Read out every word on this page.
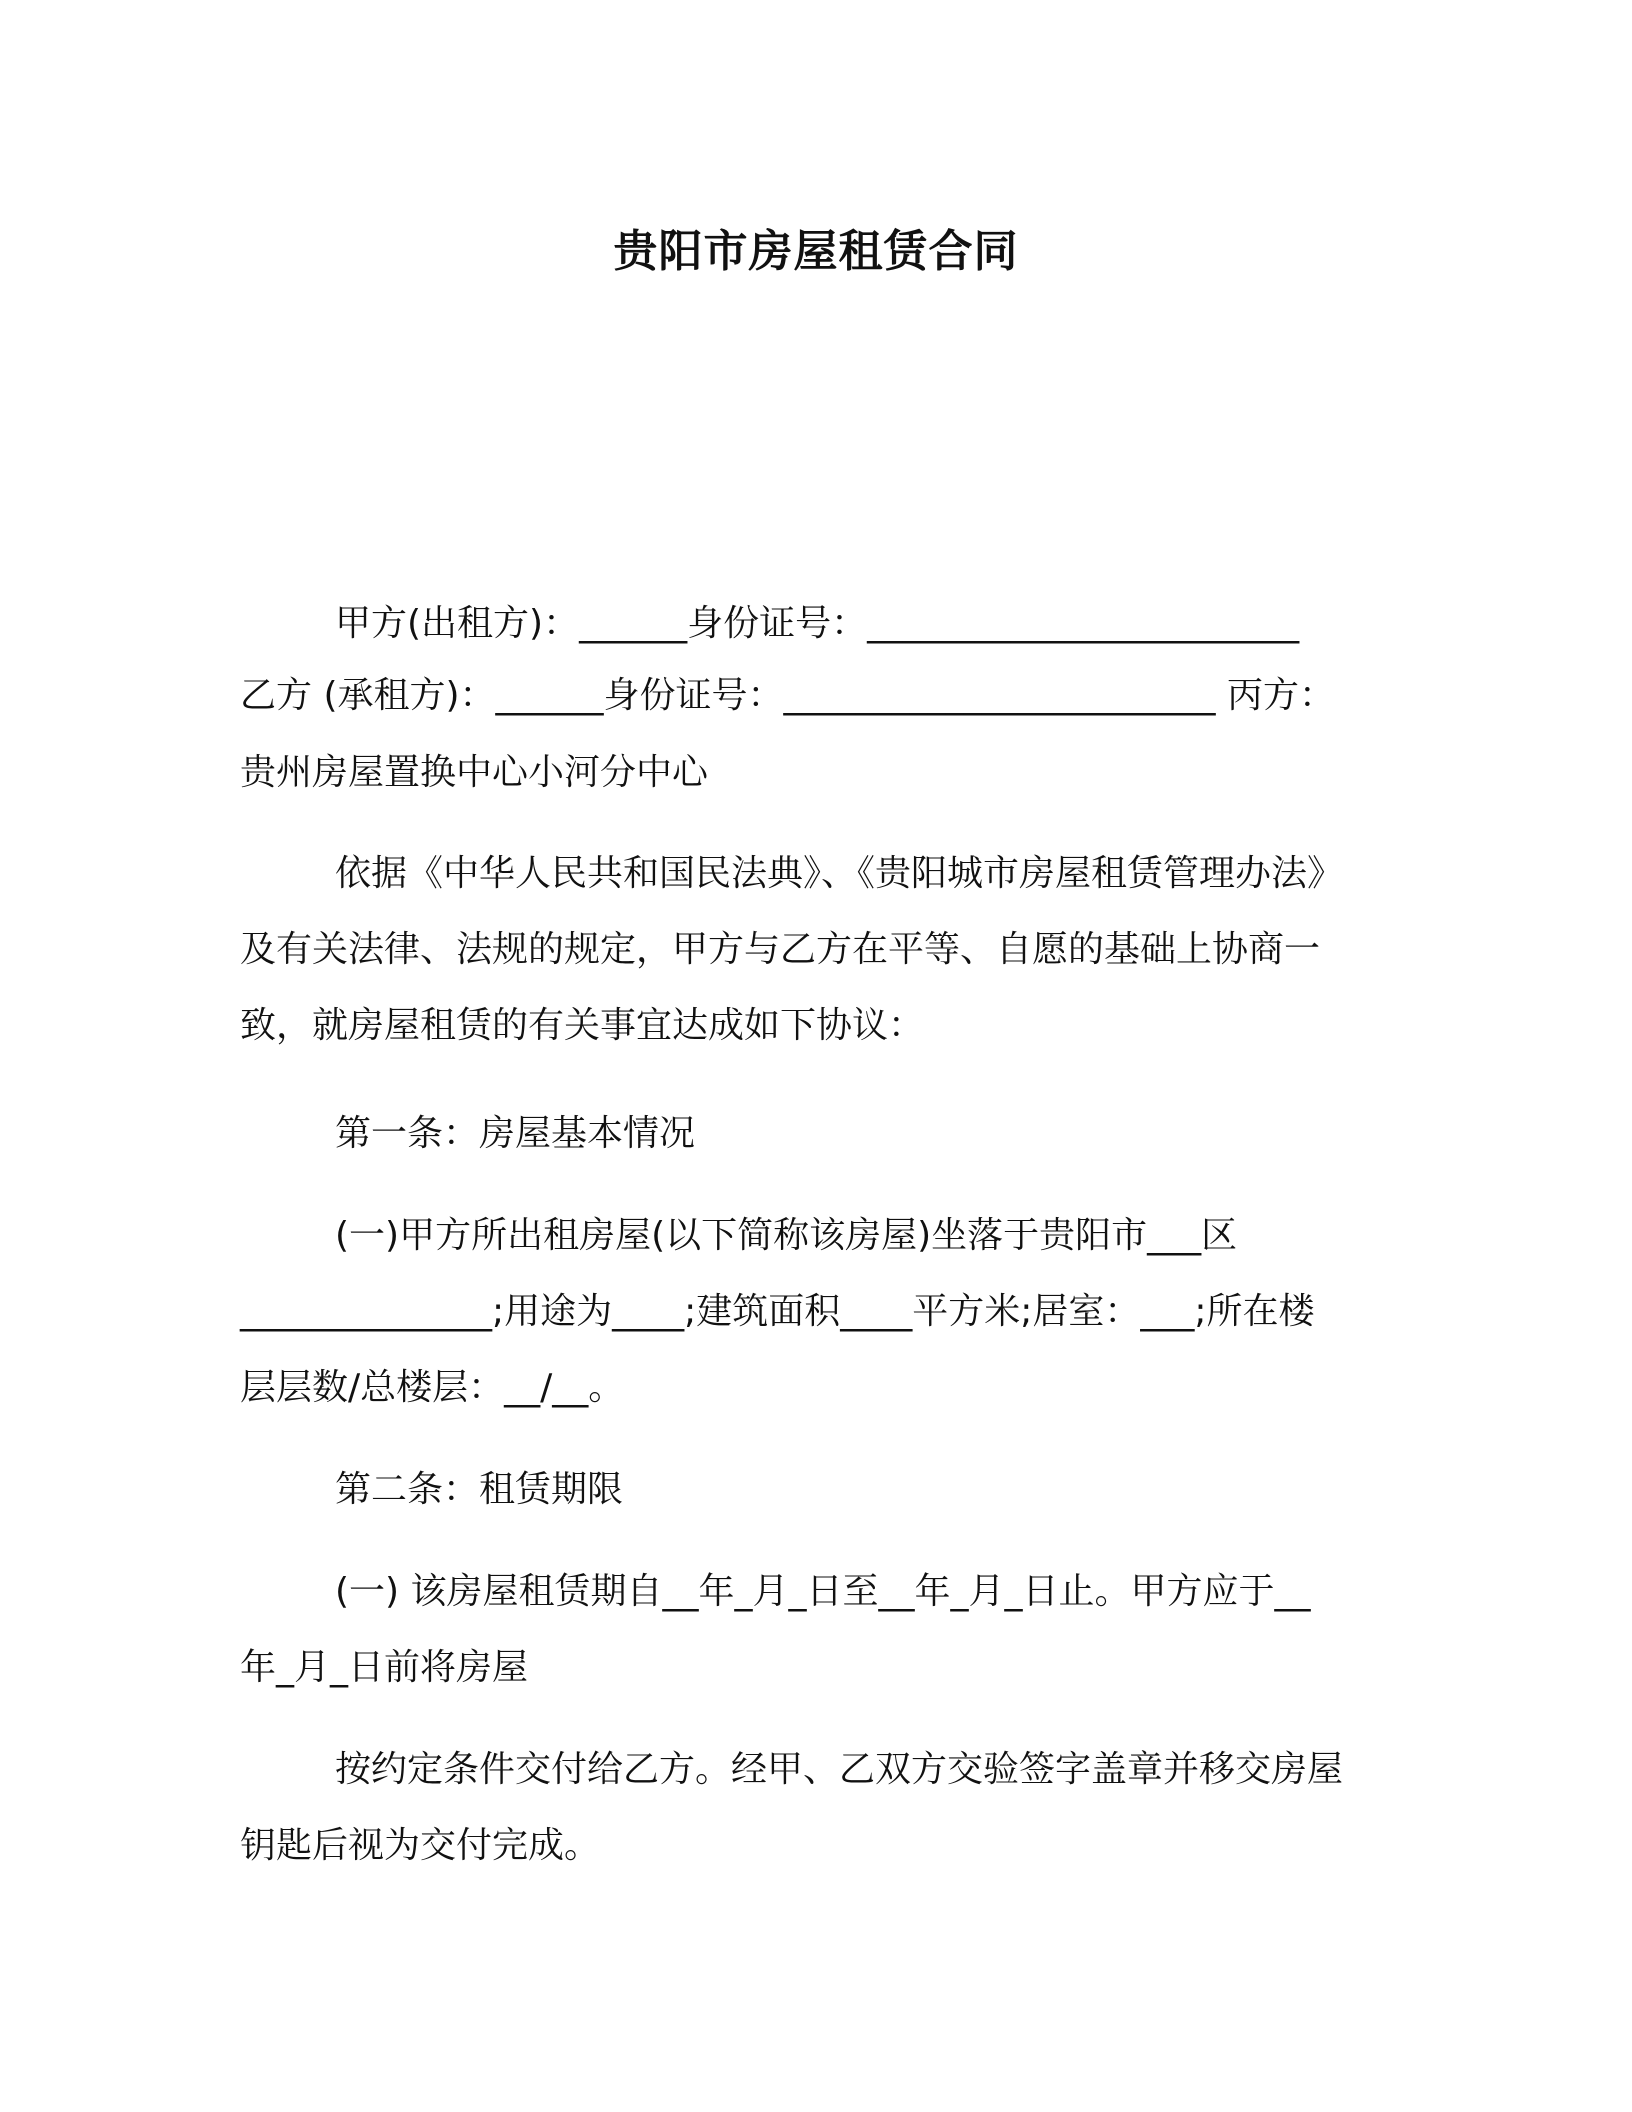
贵阳市房屋租赁合同
甲方(出租方)：______身份证号：________________________
乙方 (承租方)：______身份证号：________________________ 丙方：
贵州房屋置换中心小河分中心
依据《中华人民共和国民法典》、《贵阳城市房屋租赁管理办法》
及有关法律、法规的规定，甲方与乙方在平等、自愿的基础上协商一
致，就房屋租赁的有关事宜达成如下协议：
第一条：房屋基本情况
(一)甲方所出租房屋(以下简称该房屋)坐落于贵阳市___区
______________;用途为____;建筑面积____平方米;居室：___;所在楼
层层数/总楼层：__/__。
第二条：租赁期限
(一) 该房屋租赁期自__年_月_日至__年_月_日止。甲方应于__
年_月_日前将房屋
按约定条件交付给乙方。经甲、乙双方交验签字盖章并移交房屋
钥匙后视为交付完成。
